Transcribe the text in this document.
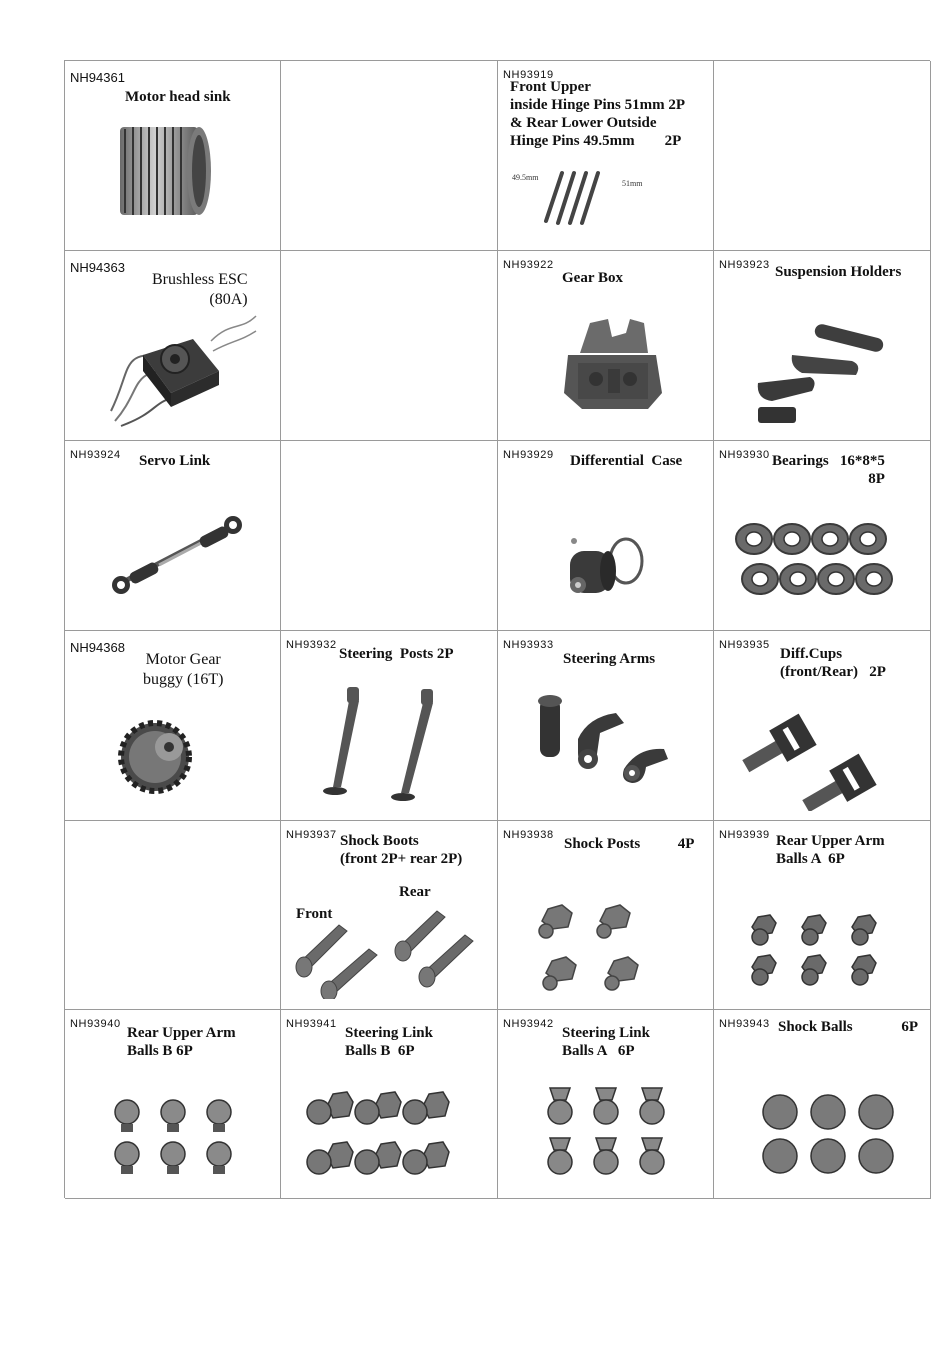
NH94361
Motor head sink
NH93919
Front Upper
inside Hinge Pins 51mm 2P
& Rear Lower Outside
Hinge Pins 49.5mm        2P
49.5mm
51mm
NH94363
Brushless ESC
(80A)
NH93922
Gear Box
NH93923 Suspension Holders
NH93924 Servo Link	NH93929 Differential  Case	NH93930 Bearings   16*8*5
8P
NH94368
Motor Gear
buggy (16T)
NH93932
Steering  Posts 2P
NH93933
Steering Arms
NH93935
Diff.Cups
(front/Rear)   2P
NH93937 Shock Boots
(front 2P+ rear 2P)
Rear
Front
NH93938
Shock Posts          4P
NH93939 Rear Upper Arm
Balls A  6P
NH93940
Rear Upper Arm
Balls B 6P
NH93941
Steering Link
Balls B  6P
NH93942
Steering Link
Balls A   6P
NH93943 Shock Balls             6P
